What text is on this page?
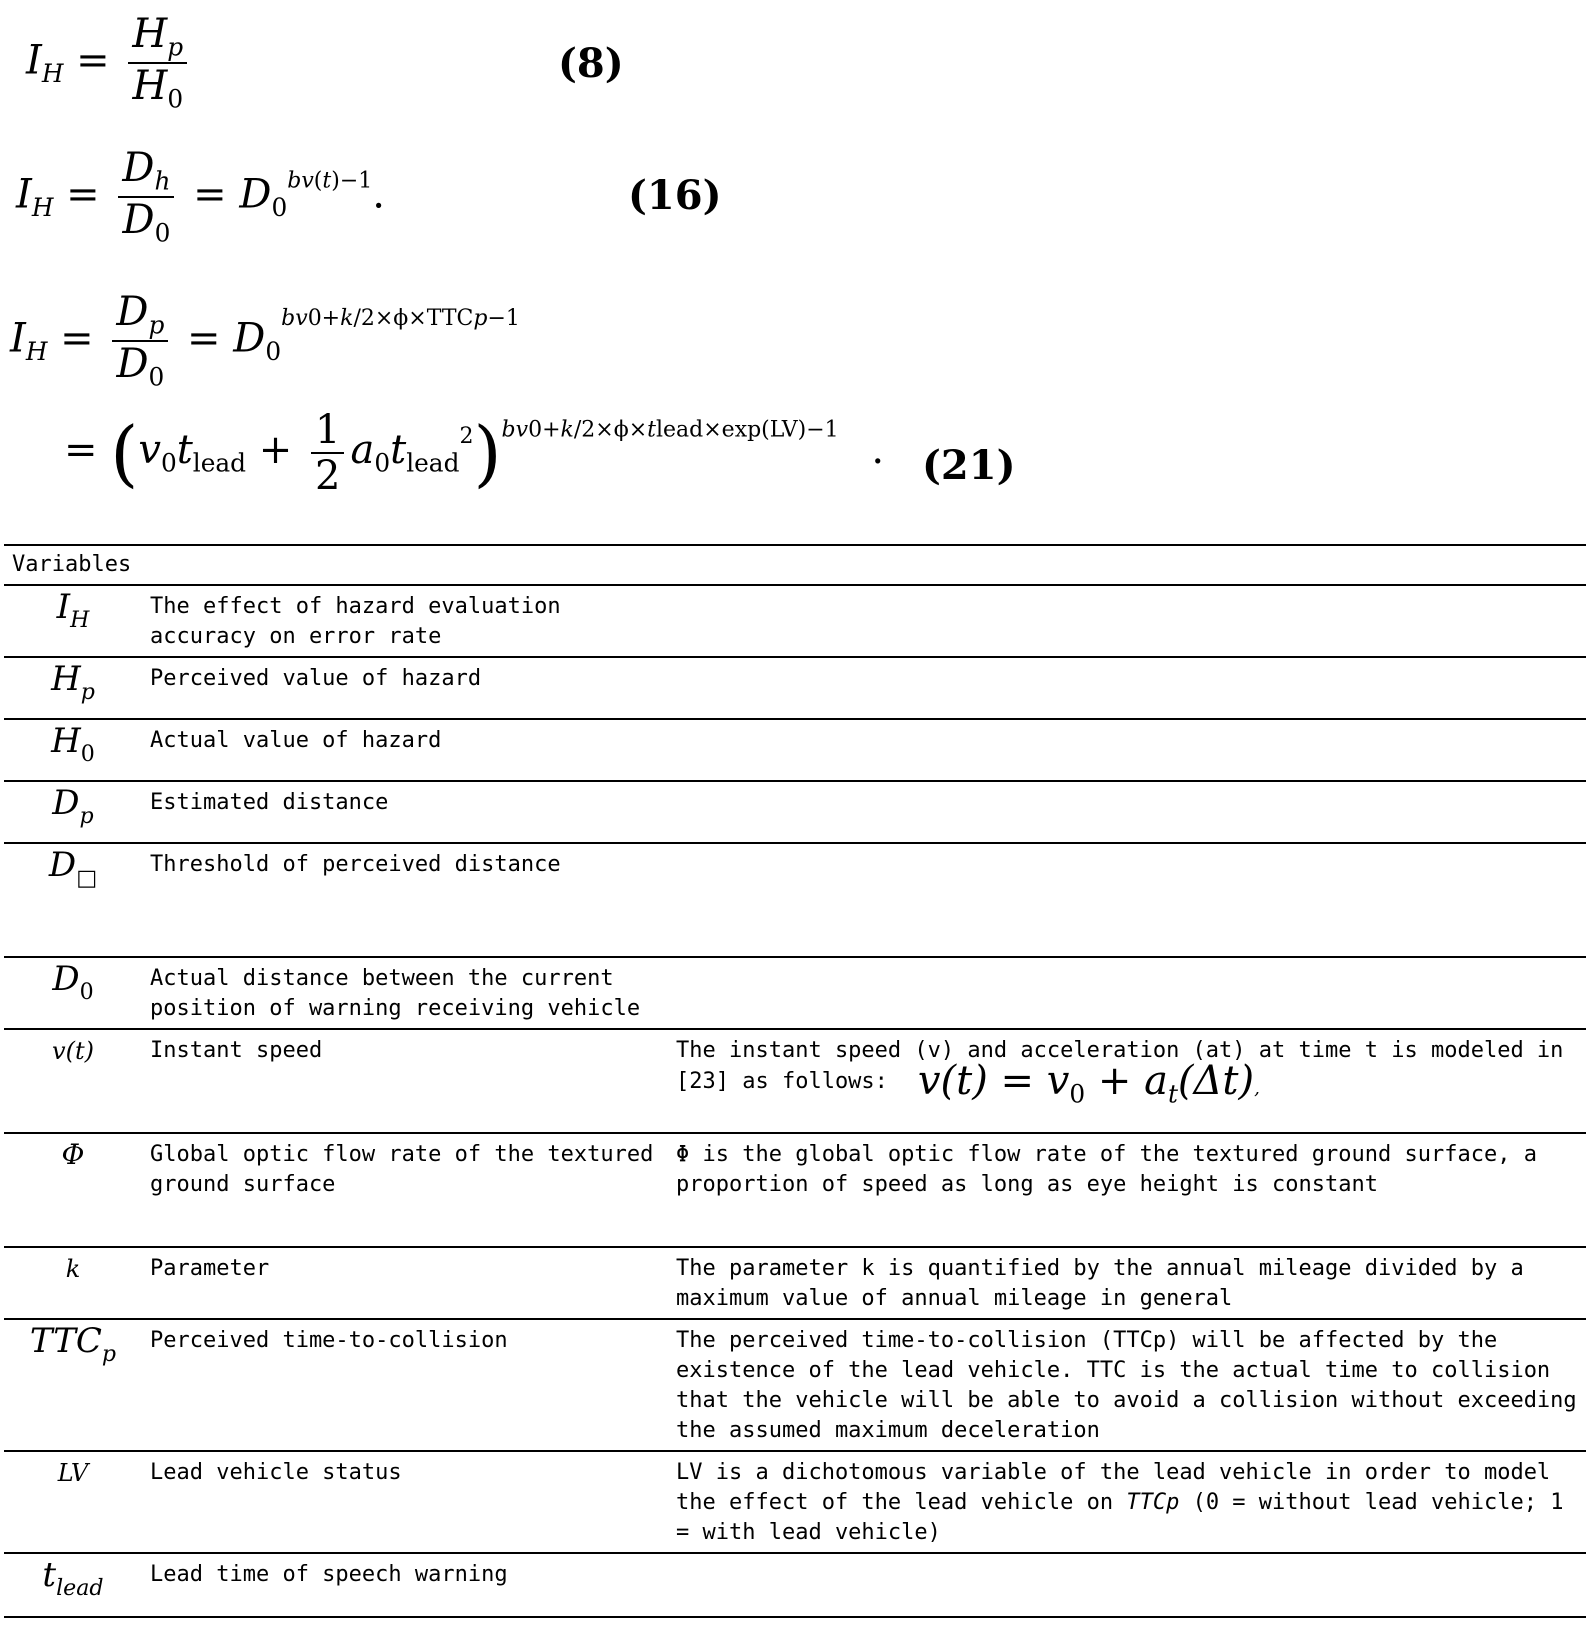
$I_H = \frac{H_p}{H_0}$	(8)
$I_H = \frac{D_h}{D_0} = D_0^{bv(t)-1}$.	(16)
$I_H = \frac{D_p}{D_0} = D_0^{bv0+k/2\times\phi\times TTCp-1}$
= $(v_0t_{lead} + \frac{1}{2} a_0t_{lead}^2)^{bv0+k/2\times\phi\times tlead\times exp(LV)-1}$ . (21)
Variables		
$I_H$	The effect of hazard evaluation accuracy on error rate	
$H_p$	Perceived value of hazard	
$H_0$	Actual value of hazard	
$D_p$	Estimated distance	
$D_□$	Threshold of perceived distance	
$D_0$	Actual distance between the current position of warning receiving vehicle	
v(t)	Instant speed	The instant speed (v) and acceleration (at) at time t is modeled in [23] as follows: $v(t) = v_0 + a_t(\Delta t)$,
Φ	Global optic flow rate of the textured ground surface	Φ is the global optic flow rate of the textured ground surface, a proportion of speed as long as eye height is constant
k	Parameter	The parameter k is quantified by the annual mileage divided by a maximum value of annual mileage in general
$TTC_p$	Perceived time-to-collision	The perceived time-to-collision (TTCp) will be affected by the existence of the lead vehicle. TTC is the actual time to collision that the vehicle will be able to avoid a collision without exceeding the assumed maximum deceleration
LV	Lead vehicle status	LV is a dichotomous variable of the lead vehicle in order to model the effect of the lead vehicle on TTCp (0 = without lead vehicle; 1 = with lead vehicle)
$t_{lead}$	Lead time of speech warning	
